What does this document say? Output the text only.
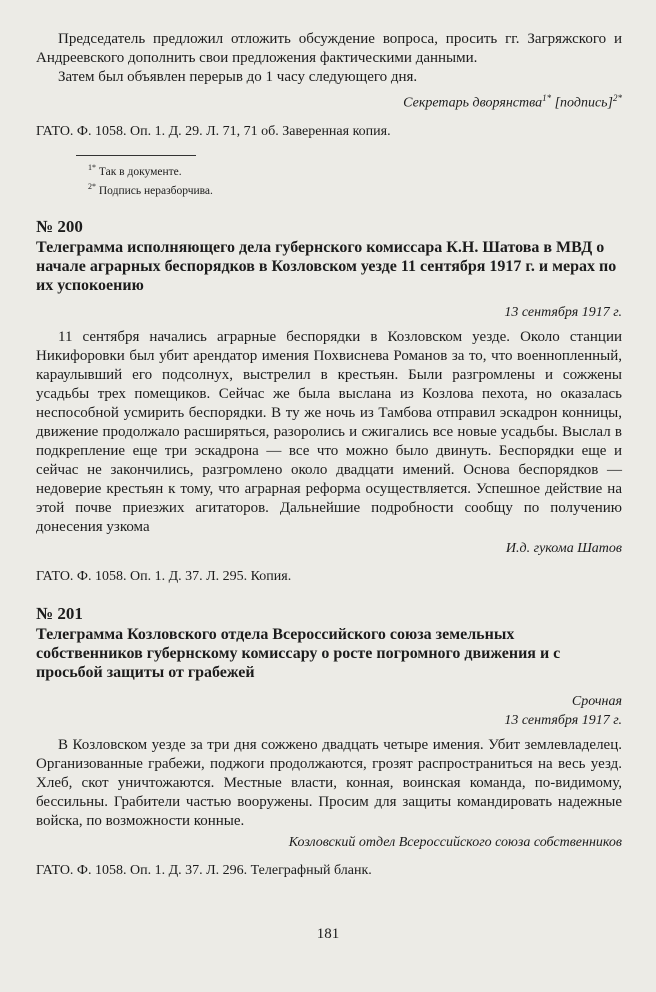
Председатель предложил отложить обсуждение вопроса, просить гг. Загряжского и Андреевского дополнить свои предложения фактическими данными.

Затем был объявлен перерыв до 1 часу следующего дня.

Секретарь дворянства$^{1*}$ [подпись]$^{2*}$

ГАТО. Ф. 1058. Оп. 1. Д. 29. Л. 71, 71 об. Заверенная копия.

$^{1*}$ Так в документе.

$^{2*}$ Подпись неразборчива.

№ 200

Телеграмма исполняющего дела губернского комиссара К.Н. Шатова в МВД о начале аграрных беспорядков в Козловском уезде 11 сентября 1917 г. и мерах по их успокоению

13 сентября 1917 г.

11 сентября начались аграрные беспорядки в Козловском уезде. Около станции Никифоровки был убит арендатор имения Похвиснева Романов за то, что военнопленный, караулывший его подсолнух, выстрелил в крестьян. Были разгромлены и сожжены усадьбы трех помещиков. Сейчас же была выслана из Козлова пехота, но оказалась неспособной усмирить беспорядки. В ту же ночь из Тамбова отправил эскадрон конницы, движение продолжало расширяться, разоролись и сжигались все новые усадьбы. Выслал в подкрепление еще три эскадрона — все что можно было двинуть. Беспорядки еще и сейчас не закончились, разгромлено около двадцати имений. Основа беспорядков — недоверие крестьян к тому, что аграрная реформа осуществляется. Успешное действие на этой почве приезжих агитаторов. Дальнейшие подробности сообщу по получению донесения узкома

И.д. гукома Шатов

ГАТО. Ф. 1058. Оп. 1. Д. 37. Л. 295. Копия.

№ 201

Телеграмма Козловского отдела Всероссийского союза земельных собственников губернскому комиссару о росте погромного движения и с просьбой защиты от грабежей

Срочная

13 сентября 1917 г.

В Козловском уезде за три дня сожжено двадцать четыре имения. Убит землевладелец. Организованные грабежи, поджоги продолжаются, грозят распространиться на весь уезд. Хлеб, скот уничтожаются. Местные власти, конная, воинская команда, по-видимому, бессильны. Грабители частью вооружены. Просим для защиты командировать надежные войска, по возможности конные.

Козловский отдел Всероссийского союза собственников

ГАТО. Ф. 1058. Оп. 1. Д. 37. Л. 296. Телеграфный бланк.

181
